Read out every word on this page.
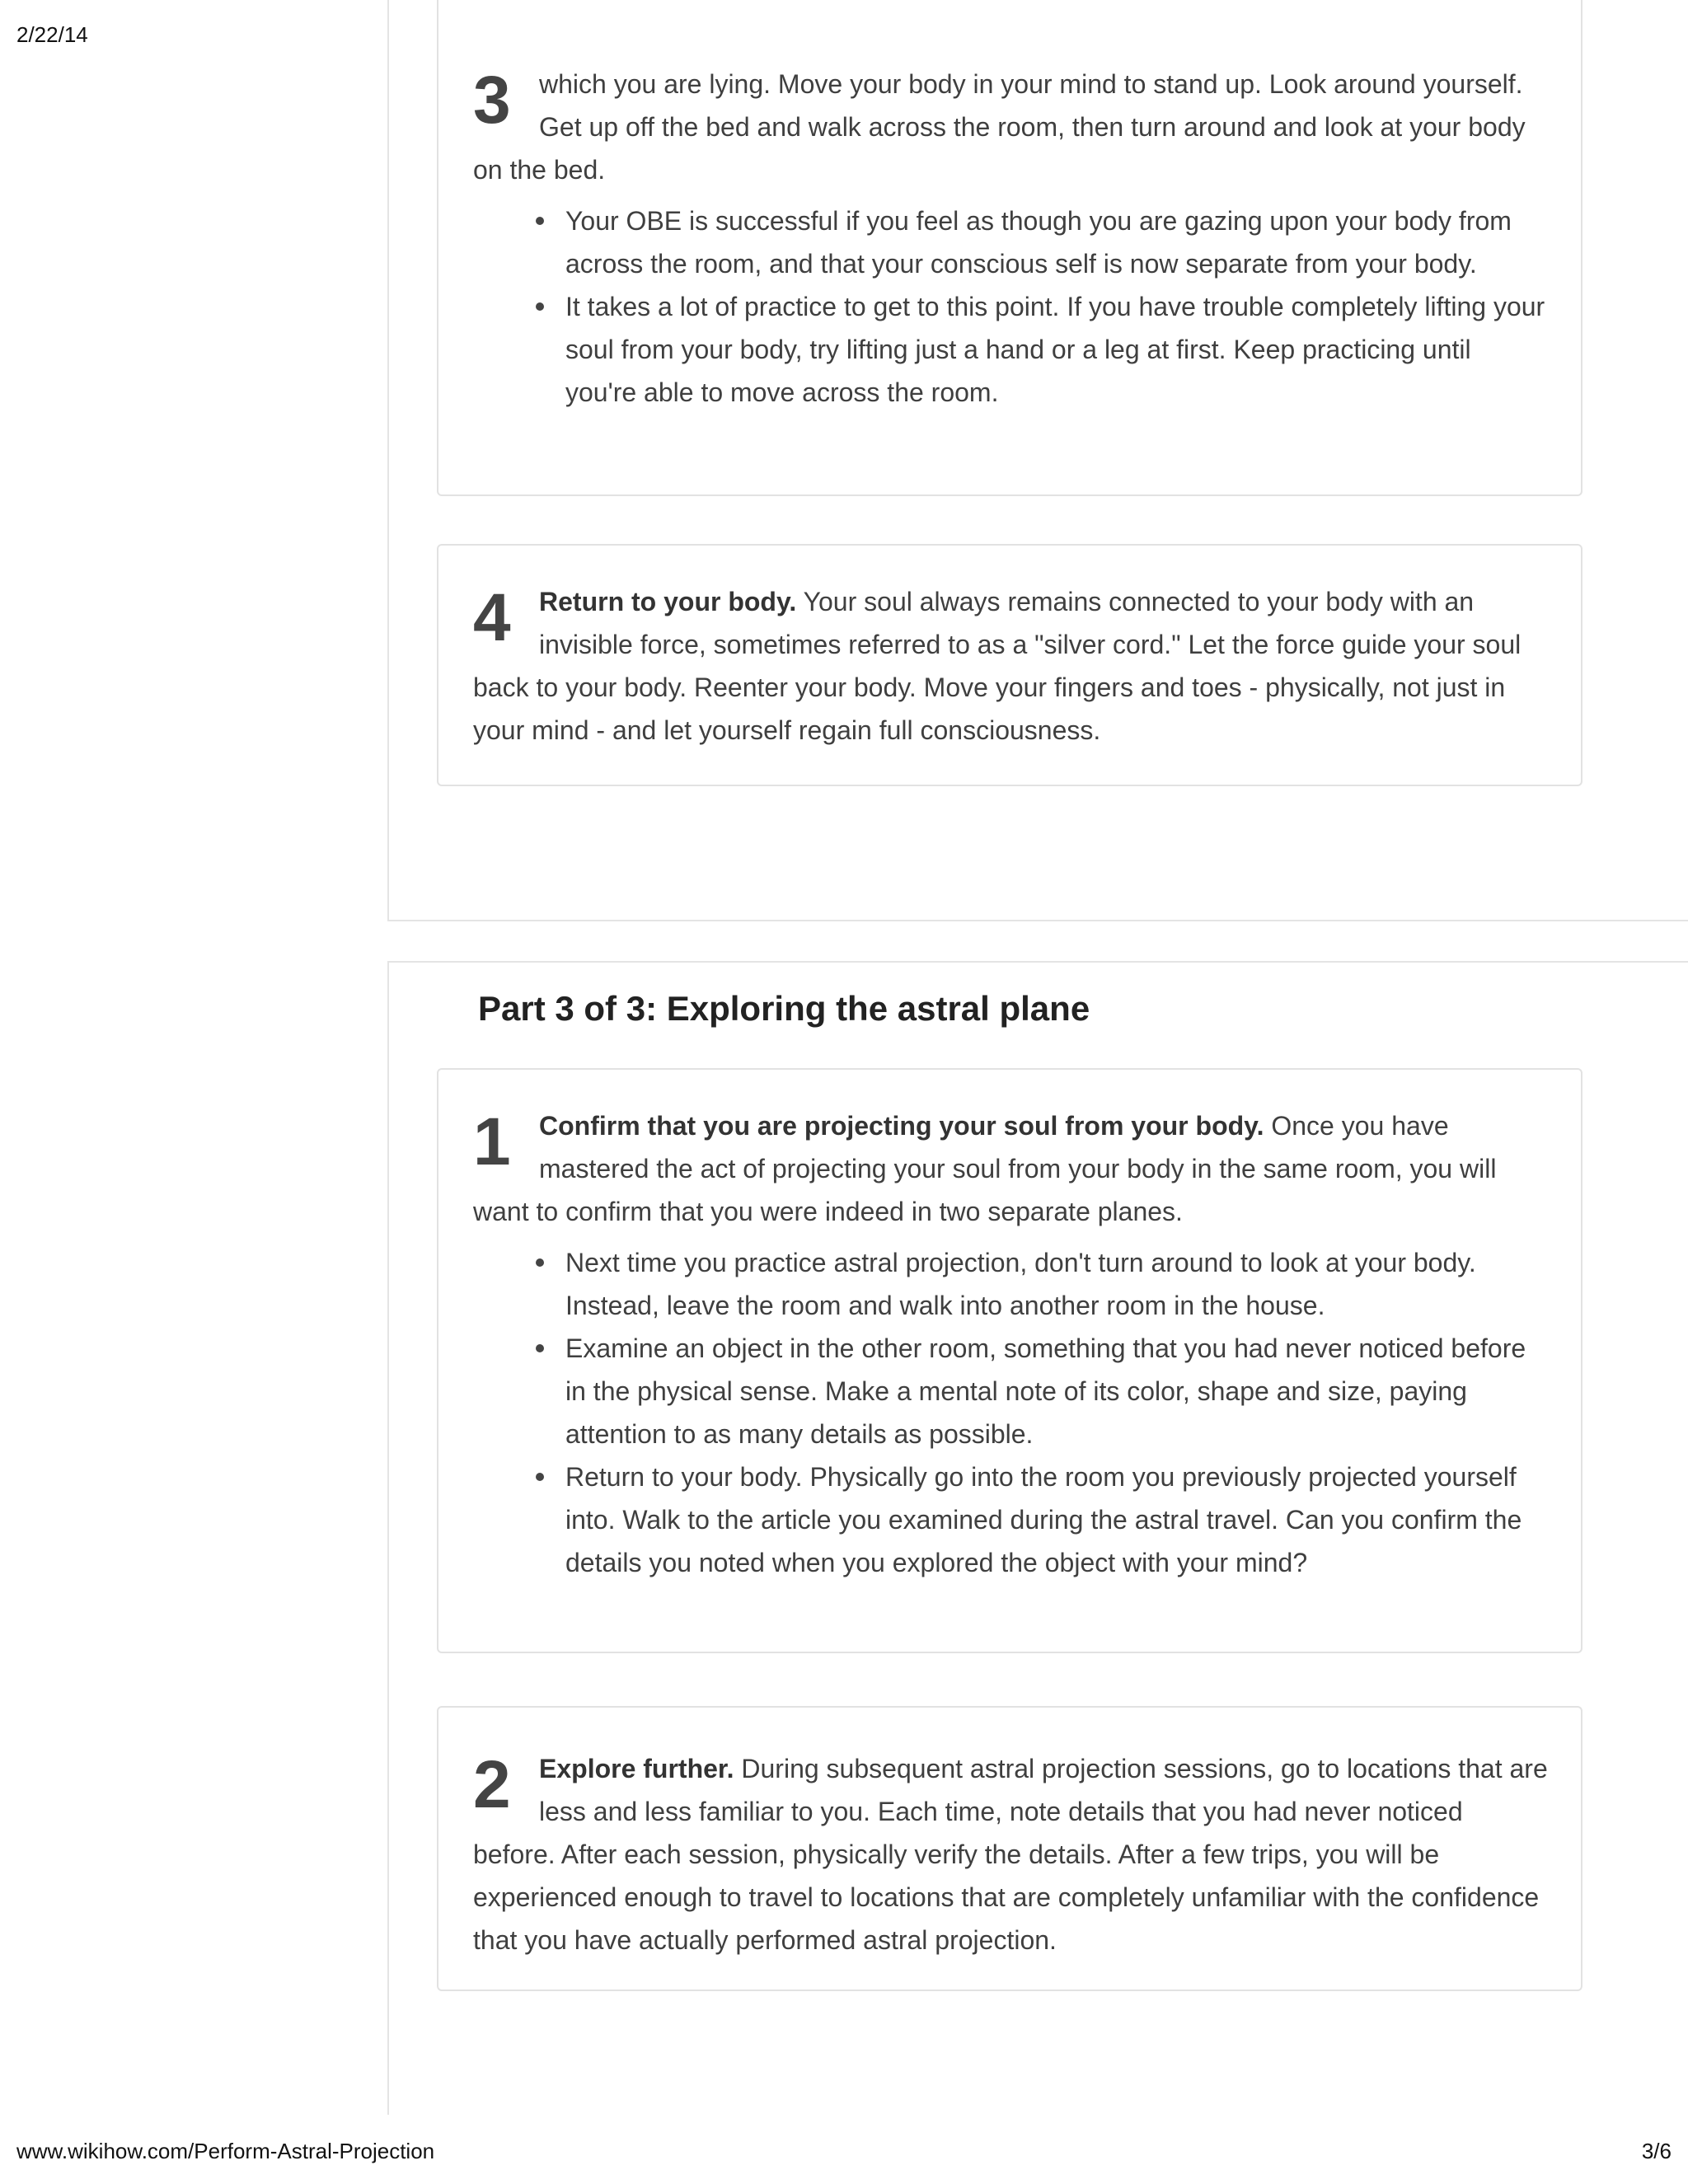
2/22/14
3 which you are lying. Move your body in your mind to stand up. Look around yourself. Get up off the bed and walk across the room, then turn around and look at your body on the bed.
Your OBE is successful if you feel as though you are gazing upon your body from across the room, and that your conscious self is now separate from your body.
It takes a lot of practice to get to this point. If you have trouble completely lifting your soul from your body, try lifting just a hand or a leg at first. Keep practicing until you're able to move across the room.
4 Return to your body. Your soul always remains connected to your body with an invisible force, sometimes referred to as a "silver cord." Let the force guide your soul back to your body. Reenter your body. Move your fingers and toes - physically, not just in your mind - and let yourself regain full consciousness.
Part 3 of 3: Exploring the astral plane
1 Confirm that you are projecting your soul from your body. Once you have mastered the act of projecting your soul from your body in the same room, you will want to confirm that you were indeed in two separate planes.
Next time you practice astral projection, don't turn around to look at your body. Instead, leave the room and walk into another room in the house.
Examine an object in the other room, something that you had never noticed before in the physical sense. Make a mental note of its color, shape and size, paying attention to as many details as possible.
Return to your body. Physically go into the room you previously projected yourself into. Walk to the article you examined during the astral travel. Can you confirm the details you noted when you explored the object with your mind?
2 Explore further. During subsequent astral projection sessions, go to locations that are less and less familiar to you. Each time, note details that you had never noticed before. After each session, physically verify the details. After a few trips, you will be experienced enough to travel to locations that are completely unfamiliar with the confidence that you have actually performed astral projection.
www.wikihow.com/Perform-Astral-Projection	3/6
